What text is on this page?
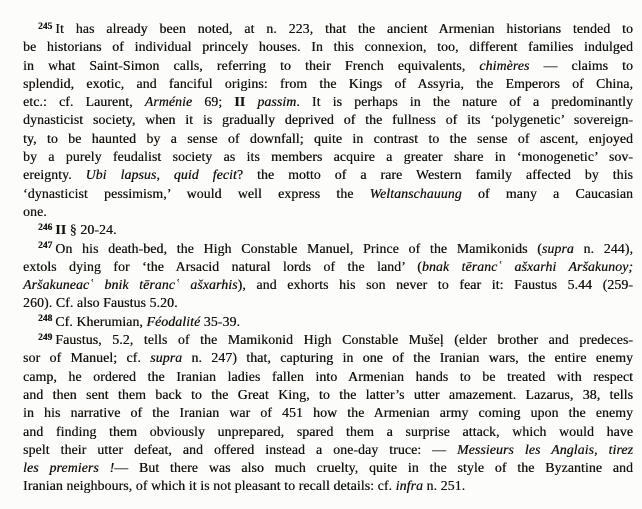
$^{245}$ It has already been noted, at n. 223, that the ancient Armenian historians tended to
be historians of individual princely houses. In this connexion, too, different families indulged
in what Saint-Simon calls, referring to their French equivalents, chimères — claims to
splendid, exotic, and fanciful origins: from the Kings of Assyria, the Emperors of China,
etc.: cf. Laurent, Arménie 69; II passim. It is perhaps in the nature of a predominantly
dynasticist society, when it is gradually deprived of the fullness of its ‘polygenetic’ sovereign-
ty, to be haunted by a sense of downfall; quite in contrast to the sense of ascent, enjoyed
by a purely feudalist society as its members acquire a greater share in ‘monogenetic’ sov-
ereignty. Ubi lapsus, quid fecit? the motto of a rare Western family affected by this
‘dynasticist pessimism,’ would well express the Weltanschauung of many a Caucasian
one.

$^{246}$ II § 20-24.

$^{247}$ On his death-bed, the High Constable Manuel, Prince of the Mamikonids (supra n. 244),
extols dying for ‘the Arsacid natural lords of the land’ (bnak tērancʿ ašxarhi Aršakunoy;
Aršakuneacʿ bnik tērancʿ ašxarhis), and exhorts his son never to fear it: Faustus 5.44 (259-
260). Cf. also Faustus 5.20.

$^{248}$ Cf. Kherumian, Féodalité 35-39.

$^{249}$ Faustus, 5.2, tells of the Mamikonid High Constable Mušeļ (elder brother and predeces-
sor of Manuel; cf. supra n. 247) that, capturing in one of the Iranian wars, the entire enemy
camp, he ordered the Iranian ladies fallen into Armenian hands to be treated with respect
and then sent them back to the Great King, to the latter’s utter amazement. Lazarus, 38, tells
in his narrative of the Iranian war of 451 how the Armenian army coming upon the enemy
and finding them obviously unprepared, spared them a surprise attack, which would have
spelt their utter defeat, and offered instead a one-day truce: — Messieurs les Anglais, tirez
les premiers !— But there was also much cruelty, quite in the style of the Byzantine and
Iranian neighbours, of which it is not pleasant to recall details: cf. infra n. 251.
